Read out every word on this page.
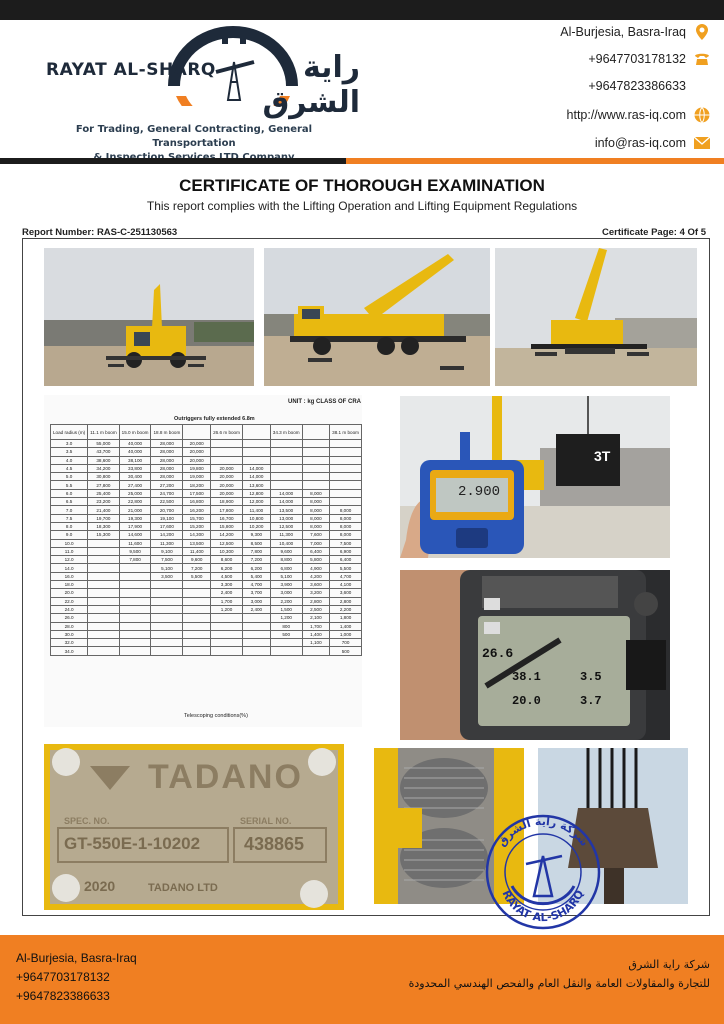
RAYAT AL-SHARQ	راية الشرق
For Trading, General Contracting, General Transportation
Al-Burjesia, Basra-Iraq
+9647703178132
+9647823386633
http://www.ras-iq.com
info@ras-iq.com
CERTIFICATE OF THOROUGH EXAMINATION
This report complies with the Lifting Operation and Lifting Equipment Regulations
Report Number: RAS-C-251130563	Certificate Page: 4 Of 5
UNIT : kg CLASS OF CRA
Outriggers fully extended 6.8m
Load radius (m)	11.1 m boom	15.0 m boom	18.8 m boom		26.6 m boom		34.3 m boom		38.1 m boom
3.0	55,000	40,000	28,000	20,000					
3.5	43,700	40,000	28,000	20,000					
4.0	38,600	38,100	28,000	20,000					
4.5	34,200	33,800	28,000	19,800	20,000	14,000			
5.0	30,800	30,400	28,000	19,000	20,000	14,000			
5.5	27,800	27,400	27,200	18,200	20,000	13,600			
6.0	25,400	25,000	24,700	17,500	20,000	12,800	14,000	8,000	
6.5	23,200	22,800	22,500	16,800	18,900	12,000	14,000	8,000	
7.0	21,400	21,000	20,700	16,200	17,800	11,400	13,500	8,000	8,000
7.5	19,700	19,300	19,100	15,700	16,700	10,800	13,000	8,000	8,000
8.0	18,300	17,900	17,600	15,200	15,800	10,200	12,500	8,000	8,000
9.0	15,300	14,600	14,200	14,300	14,200	9,300	11,300	7,600	8,000
10.0		11,600	11,300	13,500	12,500	8,500	10,400	7,000	7,500
11.0		9,500	9,100	11,400	10,300	7,800	9,600	6,400	6,900
12.0		7,800	7,500	9,600	8,600	7,200	8,800	5,800	6,400
14.0			5,100	7,200	6,200	6,200	6,800	4,900	5,500
16.0			3,500	5,500	4,500	5,400	5,100	4,200	4,700
18.0					3,300	4,700	3,900	3,600	4,100
20.0					2,400	3,700	3,000	3,200	3,600
22.0					1,700	3,000	2,200	2,800	2,800
24.0					1,200	2,400	1,500	2,500	2,200
26.0							1,200	2,100	1,800
28.0							800	1,700	1,400
30.0							500	1,400	1,000
32.0								1,100	700
34.0									500
Telescoping conditions(%)
2.900
3T
26.6
38.1	3.5
3.7
20.0
TADANO
SPEC. NO.	SERIAL NO.
GT-550E-1-10202 438865
2020	TADANO LTD
شركة راية الشرق
RAYAT AL-SHARQ
Al-Burjesia, Basra-Iraq
+9647703178132
+9647823386633
شركة راية الشرق
للتجارة والمقاولات العامة والنقل العام والفحص الهندسي المحدودة
